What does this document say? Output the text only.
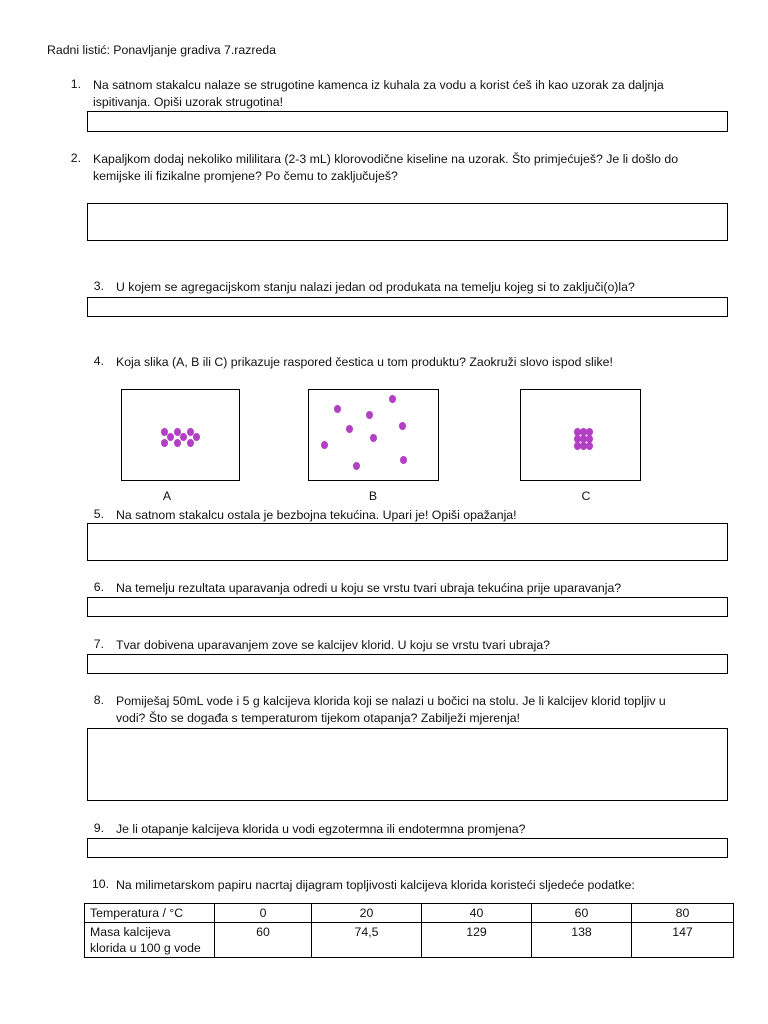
Radni listić: Ponavljanje gradiva 7.razreda
1. Na satnom stakalcu nalaze se strugotine kamenca iz kuhala za vodu a korist ćeš ih kao uzorak za daljnja
ispitivanja. Opiši uzorak strugotina!
2. Kapaljkom dodaj nekoliko mililitara (2-3 mL) klorovodične kiseline na uzorak. Što primjećuješ? Je li došlo do
kemijske ili fizikalne promjene? Po čemu to zaključuješ?
3. U kojem se agregacijskom stanju nalazi jedan od produkata na temelju kojeg si to zaključi(o)la?
4. Koja slika (A, B ili C) prikazuje raspored čestica u tom produktu? Zaokruži slovo ispod slike!
A	B	C
5. Na satnom stakalcu ostala je bezbojna tekućina. Upari je! Opiši opažanja!
6. Na temelju rezultata uparavanja odredi u koju se vrstu tvari ubraja tekućina prije uparavanja?
7. Tvar dobivena uparavanjem zove se kalcijev klorid. U koju se vrstu tvari ubraja?
8. Pomiješaj 50mL vode i 5 g kalcijeva klorida koji se nalazi u bočici na stolu. Je li kalcijev klorid topljiv u
vodi? Što se događa s temperaturom tijekom otapanja? Zabilježi mjerenja!
9. Je li otapanje kalcijeva klorida u vodi egzotermna ili endotermna promjena?
10. Na milimetarskom papiru nacrtaj dijagram topljivosti kalcijeva klorida koristeći sljedeće podatke:
Temperatura / °C	0	20	40	60	80

Masa kalcijeva
klorida u 100 g vode	60	74,5	129	138	147
